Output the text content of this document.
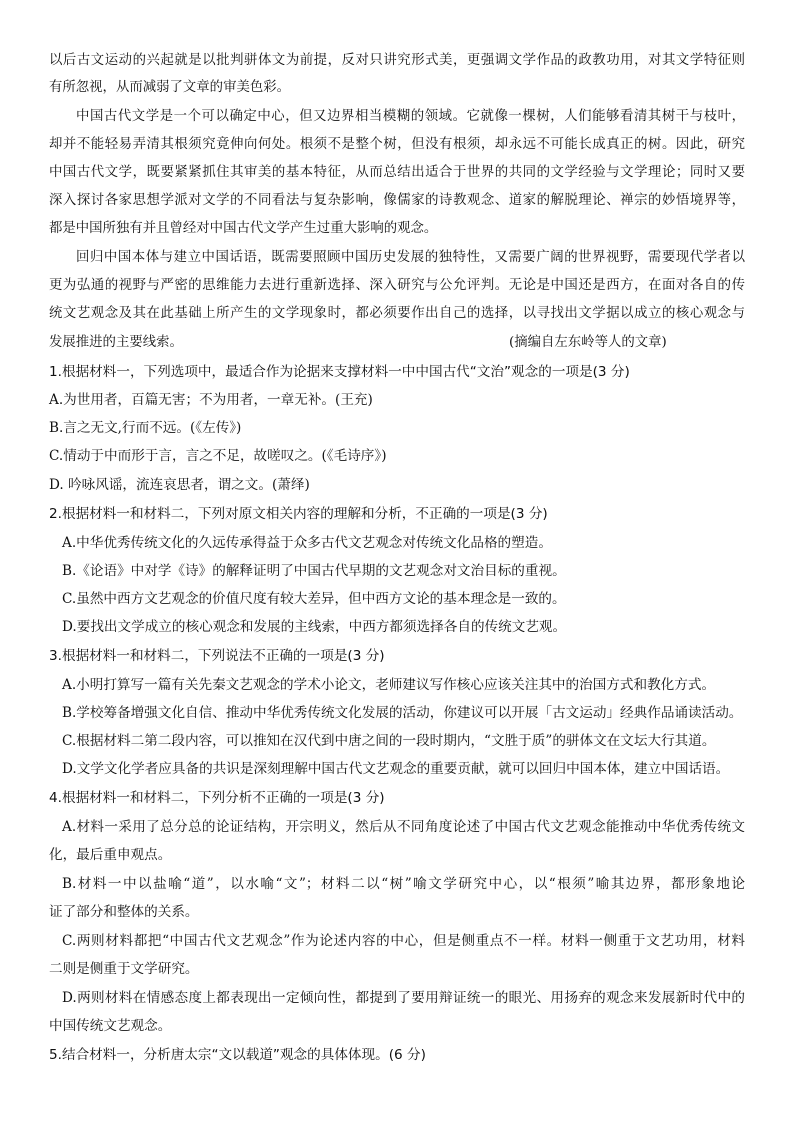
以后古文运动的兴起就是以批判骈体文为前提，反对只讲究形式美，更强调文学作品的政教功用，对其文学特征则
有所忽视，从而减弱了文章的审美色彩。
中国古代文学是一个可以确定中心，但又边界相当模糊的领域。它就像一棵树，人们能够看清其树干与枝叶，
却并不能轻易弄清其根须究竟伸向何处。根须不是整个树，但没有根须，却永远不可能长成真正的树。因此，研究
中国古代文学，既要紧紧抓住其审美的基本特征，从而总结出适合于世界的共同的文学经验与文学理论；同时又要
深入探讨各家思想学派对文学的不同看法与复杂影响，像儒家的诗教观念、道家的解脱理论、禅宗的妙悟境界等，
都是中国所独有并且曾经对中国古代文学产生过重大影响的观念。
回归中国本体与建立中国话语，既需要照顾中国历史发展的独特性，又需要广阔的世界视野，需要现代学者以
更为弘通的视野与严密的思维能力去进行重新选择、深入研究与公允评判。无论是中国还是西方，在面对各自的传
统文艺观念及其在此基础上所产生的文学现象时，都必须要作出自己的选择，以寻找出文学据以成立的核心观念与
发展推进的主要线索。	(摘编自左东岭等人的文章)
1.根据材料一，下列选项中，最适合作为论据来支撑材料一中中国古代“文治”观念的一项是(3 分)
A.为世用者，百篇无害；不为用者，一章无补。(王充)
B.言之无文,行而不远。(《左传》)
C.情动于中而形于言，言之不足，故嗟叹之。(《毛诗序》)
D. 吟咏风谣，流连哀思者，谓之文。(萧绎)
2.根据材料一和材料二，下列对原文相关内容的理解和分析，不正确的一项是(3 分)
A.中华优秀传统文化的久远传承得益于众多古代文艺观念对传统文化品格的塑造。
B.《论语》中对学《诗》的解释证明了中国古代早期的文艺观念对文治目标的重视。
C.虽然中西方文艺观念的价值尺度有较大差异，但中西方文论的基本理念是一致的。
D.要找出文学成立的核心观念和发展的主线索，中西方都须选择各自的传统文艺观。
3.根据材料一和材料二，下列说法不正确的一项是(3 分)
A.小明打算写一篇有关先秦文艺观念的学术小论文，老师建议写作核心应该关注其中的治国方式和教化方式。
B.学校筹备增强文化自信、推动中华优秀传统文化发展的活动，你建议可以开展「古文运动」经典作品诵读活动。
C.根据材料二第二段内容，可以推知在汉代到中唐之间的一段时期内，“文胜于质”的骈体文在文坛大行其道。
D.文学文化学者应具备的共识是深刻理解中国古代文艺观念的重要贡献，就可以回归中国本体，建立中国话语。
4.根据材料一和材料二，下列分析不正确的一项是(3 分)
A.材料一采用了总分总的论证结构，开宗明义，然后从不同角度论述了中国古代文艺观念能推动中华优秀传统文
化，最后重申观点。
B.材料一中以盐喻“道”，以水喻“文”；材料二以“树”喻文学研究中心，以“根须”喻其边界，都形象地论
证了部分和整体的关系。
C.两则材料都把“中国古代文艺观念”作为论述内容的中心，但是侧重点不一样。材料一侧重于文艺功用，材料
二则是侧重于文学研究。
D.两则材料在情感态度上都表现出一定倾向性，都提到了要用辩证统一的眼光、用扬弃的观念来发展新时代中的
中国传统文艺观念。
5.结合材料一，分析唐太宗“文以载道”观念的具体体现。(6 分)
